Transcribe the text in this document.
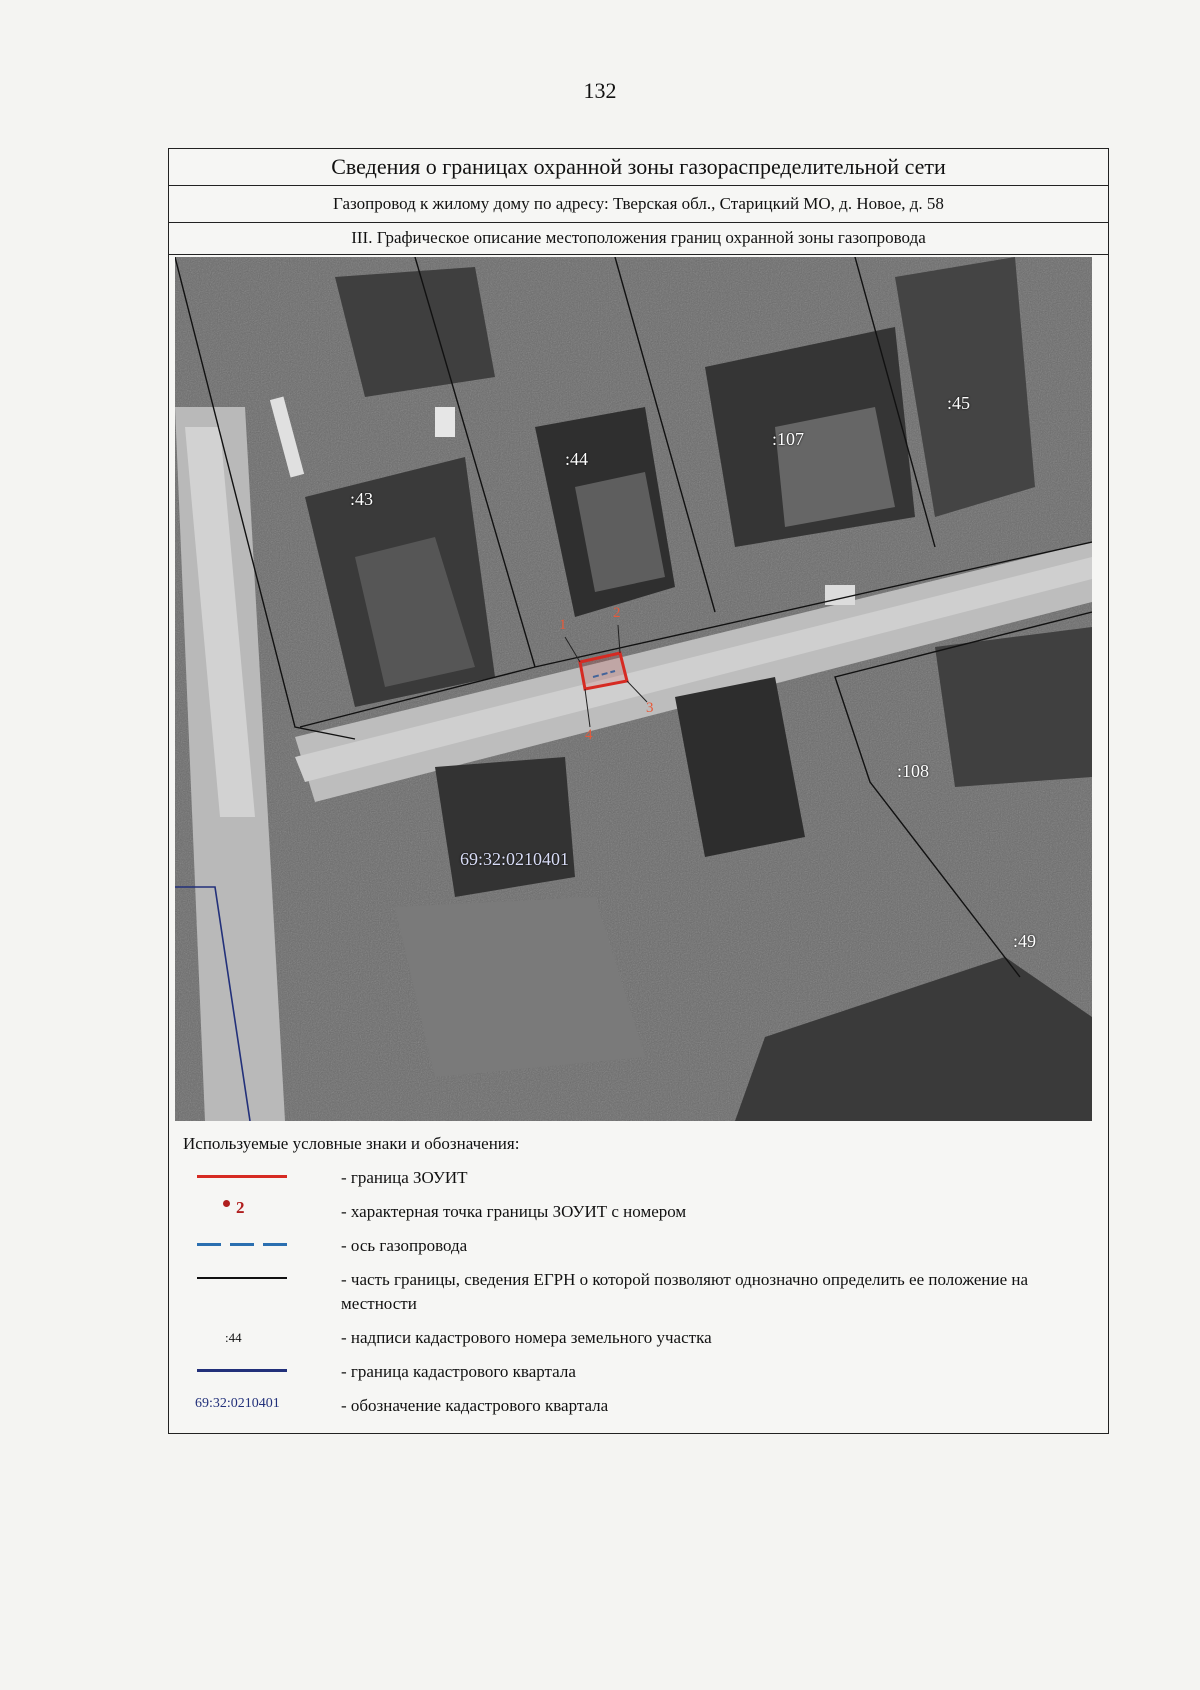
132
Сведения о границах охранной зоны газораспределительной сети
Газопровод к жилому дому по адресу: Тверская обл., Старицкий МО, д. Новое, д. 58
III. Графическое описание местоположения границ охранной зоны газопровода
:43
:44
:107
:45
:108
:49
69:32:0210401
1
2
3
4
Используемые условные знаки и обозначения:
- граница ЗОУИТ
2	- характерная точка границы ЗОУИТ с номером
- ось газопровода
- часть границы, сведения ЕГРН о которой позволяют однозначно определить ее положение на местности
:44	- надписи кадастрового номера земельного участка
- граница кадастрового квартала
69:32:0210401	- обозначение кадастрового квартала
